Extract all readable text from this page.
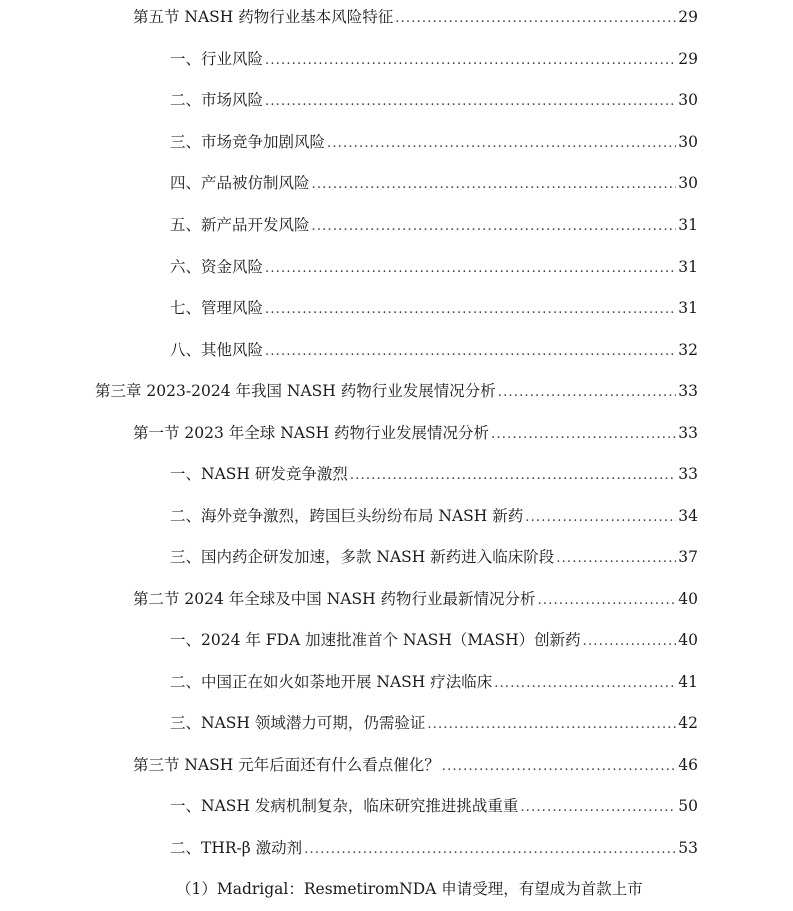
第五节 NASH 药物行业基本风险特征 .....	29
一、行业风险 .....	29
二、市场风险 .....	30
三、市场竞争加剧风险 .....	30
四、产品被仿制风险 .....	30
五、新产品开发风险 .....	31
六、资金风险 .....	31
七、管理风险 .....	31
八、其他风险 .....	32
第三章 2023-2024 年我国 NASH 药物行业发展情况分析 .....	33
第一节 2023 年全球 NASH 药物行业发展情况分析 .....	33
一、NASH 研发竞争激烈 .....	33
二、海外竞争激烈，跨国巨头纷纷布局 NASH 新药 .....	34
三、国内药企研发加速，多款 NASH 新药进入临床阶段 .....	37
第二节 2024 年全球及中国 NASH 药物行业最新情况分析 .....	40
一、2024 年 FDA 加速批准首个 NASH（MASH）创新药 .....	40
二、中国正在如火如荼地开展 NASH 疗法临床 .....	41
三、NASH 领域潜力可期，仍需验证 .....	42
第三节 NASH 元年后面还有什么看点催化？ .....	46
一、NASH 发病机制复杂，临床研究推进挑战重重 .....	50
二、THR-β 激动剂 .....	53
（1）Madrigal：ResmetiromNDA 申请受理，有望成为首款上市
